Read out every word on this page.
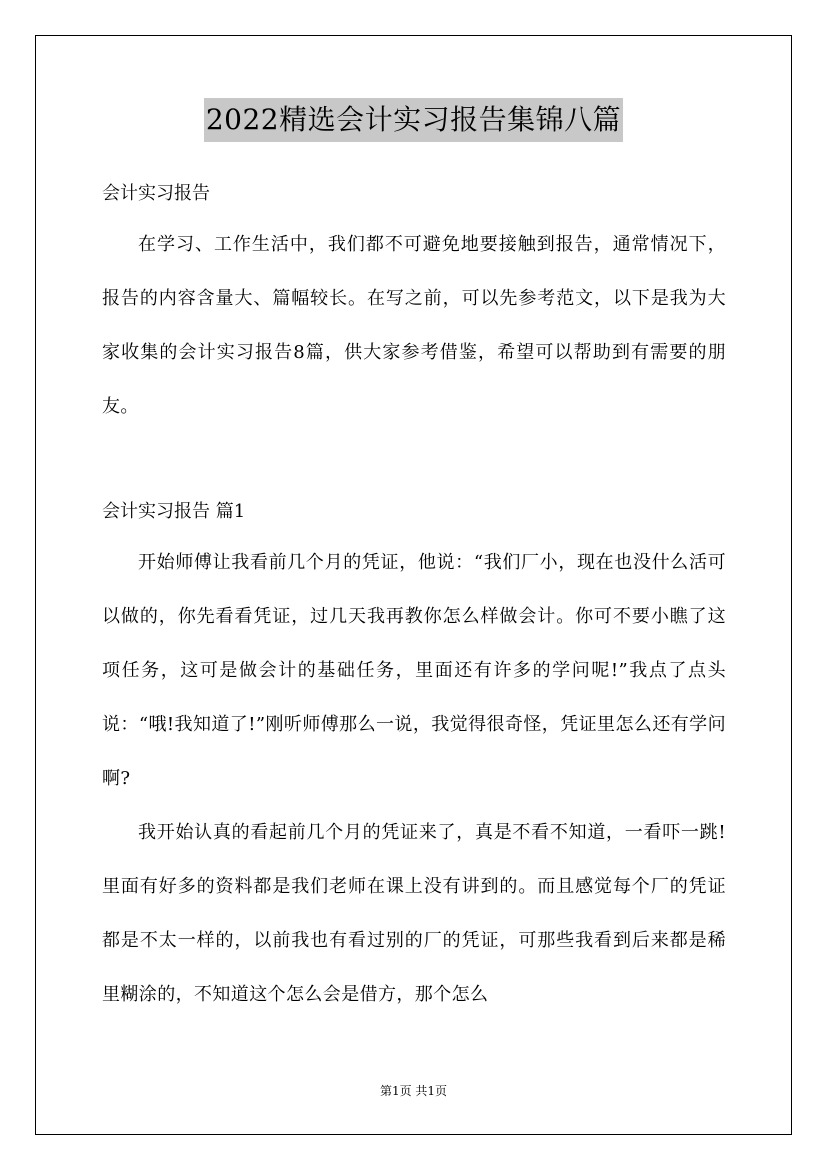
2022精选会计实习报告集锦八篇

会计实习报告

在学习、工作生活中，我们都不可避免地要接触到报告，通常情况下，报告的内容含量大、篇幅较长。在写之前，可以先参考范文，以下是我为大家收集的会计实习报告8篇，供大家参考借鉴，希望可以帮助到有需要的朋友。

会计实习报告 篇1

开始师傅让我看前几个月的凭证，他说：“我们厂小，现在也没什么活可以做的，你先看看凭证，过几天我再教你怎么样做会计。你可不要小瞧了这项任务，这可是做会计的基础任务，里面还有许多的学问呢!”我点了点头说：“哦!我知道了!”刚听师傅那么一说，我觉得很奇怪，凭证里怎么还有学问啊?

我开始认真的看起前几个月的凭证来了，真是不看不知道，一看吓一跳!里面有好多的资料都是我们老师在课上没有讲到的。而且感觉每个厂的凭证都是不太一样的，以前我也有看过别的厂的凭证，可那些我看到后来都是稀里糊涂的，不知道这个怎么会是借方，那个怎么

第1页 共1页
